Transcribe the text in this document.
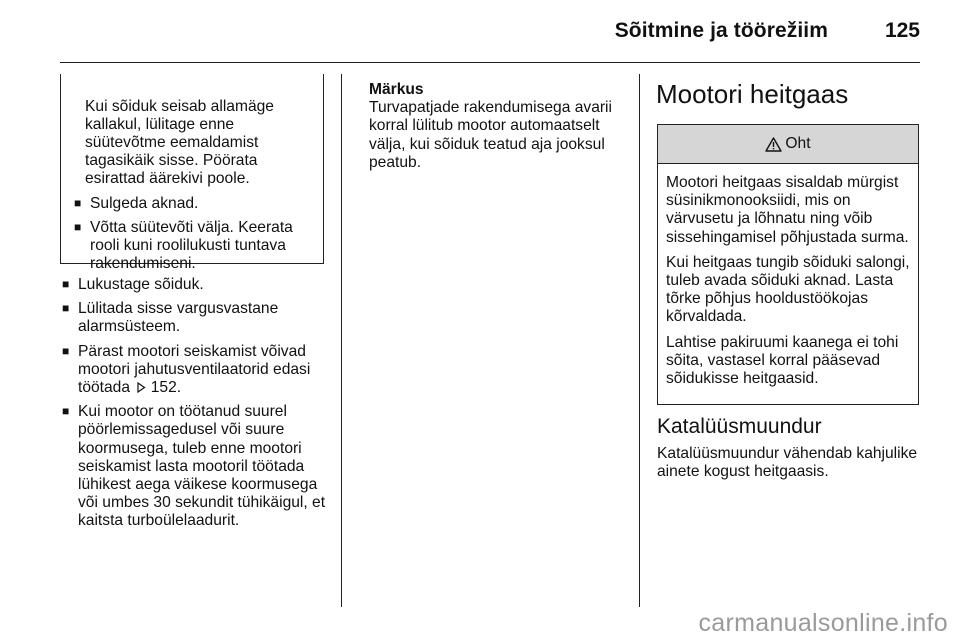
Sõitmine ja töörežiim	125

Kui sõiduk seisab allamäge kallakul, lülitage enne süütevõtme eemaldamist tagasikäik sisse. Pöörata esirattad äärekivi poole.

■ Sulgeda aknad.
■ Võtta süütevõti välja. Keerata rooli kuni roolilukusti tuntava rakendumiseni.
■ Lukustage sõiduk.
■ Lülitada sisse vargusvastane alarmsüsteem.
■ Pärast mootori seiskamist võivad mootori jahutusventilaatorid edasi töötada 152.
■ Kui mootor on töötanud suurel pöörlemissagedusel või suure koormusega, tuleb enne mootori seiskamist lasta mootoril töötada lühikest aega väikese koormusega või umbes 30 sekundit tühikäigul, et kaitsta turboülelaadurit.

Märkus

Turvapatjade rakendumisega avarii korral lülitub mootor automaatselt välja, kui sõiduk teatud aja jooksul peatub.

Mootori heitgaas
Oht

Mootori heitgaas sisaldab mürgist süsinikmonooksiidi, mis on värvusetu ja lõhnatu ning võib sissehingamisel põhjustada surma.

Kui heitgaas tungib sõiduki salongi, tuleb avada sõiduki aknad. Lasta tõrke põhjus hooldustöökojas kõrvaldada.

Lahtise pakiruumi kaanega ei tohi sõita, vastasel korral pääsevad sõidukisse heitgaasid.

Katalüüsmuundur

Katalüüsmuundur vähendab kahjulike ainete kogust heitgaasis.

carmanualsonline.info
